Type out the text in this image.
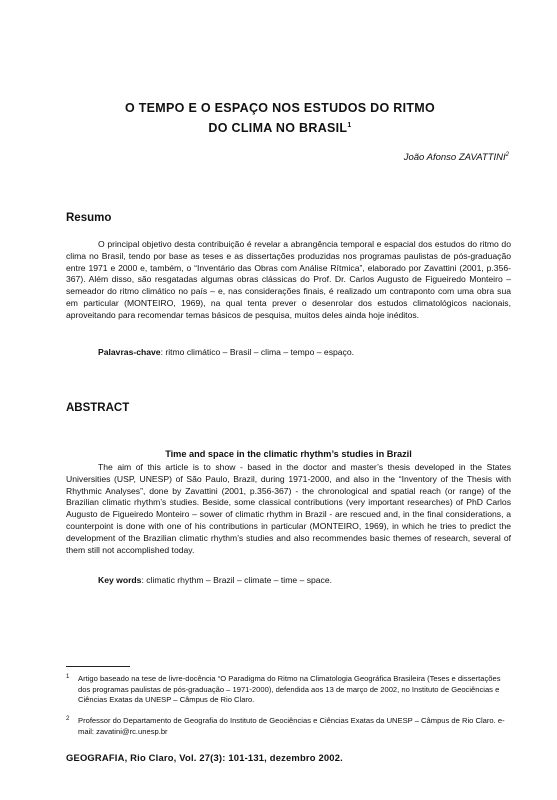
O TEMPO E O ESPAÇO NOS ESTUDOS DO RITMO
DO CLIMA NO BRASIL$^1$
João Afonso ZAVATTINI$^2$
Resumo

O principal objetivo desta contribuição é revelar a abrangência temporal e espacial dos estudos do ritmo do clima no Brasil, tendo por base as teses e as dissertações produzidas nos programas paulistas de pós-graduação entre 1971 e 2000 e, também, o “Inventário das Obras com Análise Rítmica”, elaborado por Zavattini (2001, p.356-367). Além disso, são resgatadas algumas obras clássicas do Prof. Dr. Carlos Augusto de Figueiredo Monteiro – semeador do ritmo climático no país – e, nas considerações finais, é realizado um contraponto com uma obra sua em particular (MONTEIRO, 1969), na qual tenta prever o desenrolar dos estudos climatológicos nacionais, aproveitando para recomendar temas básicos de pesquisa, muitos deles ainda hoje inéditos.

Palavras-chave: ritmo climático – Brasil – clima – tempo – espaço.
ABSTRACT
Time and space in the climatic rhythm’s studies in Brazil

The aim of this article is to show - based in the doctor and master’s thesis developed in the States Universities (USP, UNESP) of São Paulo, Brazil, during 1971-2000, and also in the “Inventory of the Thesis with Rhythmic Analyses”, done by Zavattini (2001, p.356-367) - the chronological and spatial reach (or range) of the Brazilian climatic rhythm’s studies. Beside, some classical contributions (very important researches) of PhD Carlos Augusto de Figueiredo Monteiro – sower of climatic rhythm in Brazil - are rescued and, in the final considerations, a counterpoint is done with one of his contributions in particular (MONTEIRO, 1969), in which he tries to predict the development of the Brazilian climatic rhythm’s studies and also recommendes basic themes of research, several of them still not accomplished today.

Key words: climatic rhythm – Brazil – climate – time – space.
1 Artigo baseado na tese de livre-docência “O Paradigma do Ritmo na Climatologia Geográfica Brasileira (Teses e dissertações dos programas paulistas de pós-graduação – 1971-2000), defendida aos 13 de março de 2002, no Instituto de Geociências e Ciências Exatas da UNESP – Câmpus de Rio Claro.
2 Professor do Departamento de Geografia do Instituto de Geociências e Ciências Exatas da UNESP – Câmpus de Rio Claro. e-mail: zavatini@rc.unesp.br
GEOGRAFIA, Rio Claro, Vol. 27(3): 101-131, dezembro 2002.
